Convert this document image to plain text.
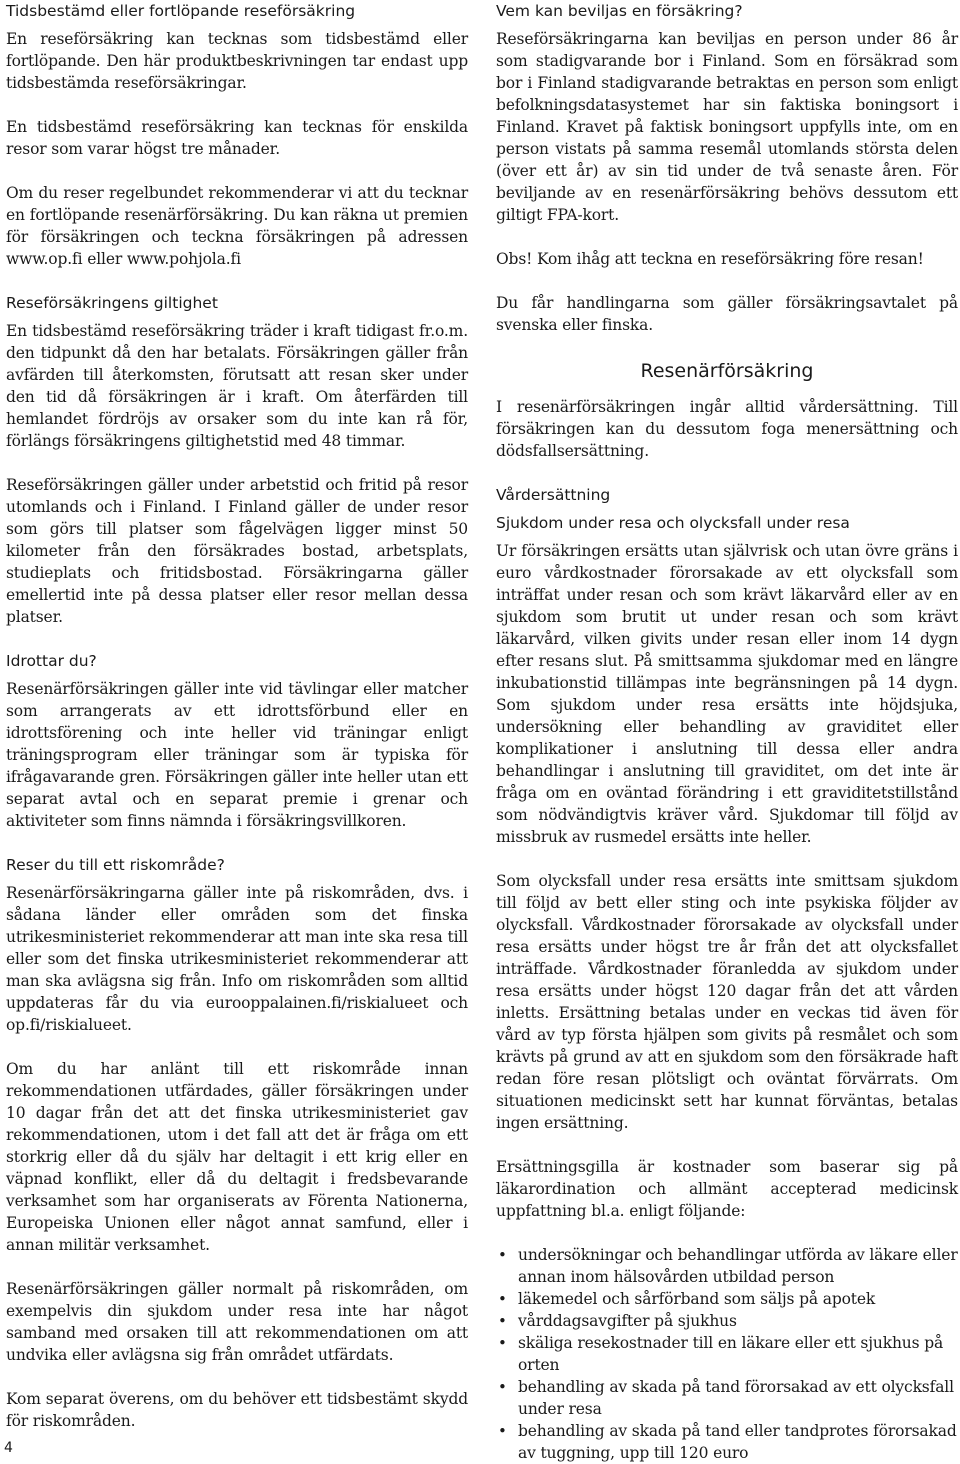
Tidsbestämd eller fortlöpande reseförsäkring

En reseförsäkring kan tecknas som tidsbestämd eller fortlöpande. Den här produktbeskrivningen tar endast upp tidsbestämda reseförsäkringar.

En tidsbestämd reseförsäkring kan tecknas för enskilda resor som varar högst tre månader.

Om du reser regelbundet rekommenderar vi att du tecknar en fortlöpande resenärförsäkring. Du kan räkna ut premien för försäkringen och teckna försäkringen på adressen www.op.fi eller www.pohjola.fi

Reseförsäkringens giltighet

En tidsbestämd reseförsäkring träder i kraft tidigast fr.o.m. den tidpunkt då den har betalats. Försäkringen gäller från avfärden till återkomsten, förutsatt att resan sker under den tid då försäkringen är i kraft. Om återfärden till hemlandet fördröjs av orsaker som du inte kan rå för, förlängs försäkringens giltighetstid med 48 timmar.

Reseförsäkringen gäller under arbetstid och fritid på resor utomlands och i Finland. I Finland gäller de under resor som görs till platser som fågelvägen ligger minst 50 kilometer från den försäkrades bostad, arbetsplats, studieplats och fritidsbostad. Försäkringarna gäller emellertid inte på dessa platser eller resor mellan dessa platser.

Idrottar du?

Resenärförsäkringen gäller inte vid tävlingar eller matcher som arrangerats av ett idrottsförbund eller en idrottsförening och inte heller vid träningar enligt träningsprogram eller träningar som är typiska för ifrågavarande gren. Försäkringen gäller inte heller utan ett separat avtal och en separat premie i grenar och aktiviteter som finns nämnda i försäkringsvillkoren.

Reser du till ett riskområde?

Resenärförsäkringarna gäller inte på riskområden, dvs. i sådana länder eller områden som det finska utrikesministeriet rekommenderar att man inte ska resa till eller som det finska utrikesministeriet rekommenderar att man ska avlägsna sig från. Info om riskområden som alltid uppdateras får du via eurooppalainen.fi/riskialueet och op.fi/riskialueet.

Om du har anlänt till ett riskområde innan rekommendationen utfärdades, gäller försäkringen under 10 dagar från det att det finska utrikesministeriet gav rekommendationen, utom i det fall att det är fråga om ett storkrig eller då du själv har deltagit i ett krig eller en väpnad konflikt, eller då du deltagit i fredsbevarande verksamhet som har organiserats av Förenta Nationerna, Europeiska Unionen eller något annat samfund, eller i annan militär verksamhet.

Resenärförsäkringen gäller normalt på riskområden, om exempelvis din sjukdom under resa inte har något samband med orsaken till att rekommendationen om att undvika eller avlägsna sig från området utfärdats.

Kom separat överens, om du behöver ett tidsbestämt skydd för riskområden.

Vem kan beviljas en försäkring?

Reseförsäkringarna kan beviljas en person under 86 år som stadigvarande bor i Finland. Som en försäkrad som bor i Finland stadigvarande betraktas en person som enligt befolkningsdatasystemet har sin faktiska boningsort i Finland. Kravet på faktisk boningsort uppfylls inte, om en person vistats på samma resemål utomlands största delen (över ett år) av sin tid under de två senaste åren. För beviljande av en resenärförsäkring behövs dessutom ett giltigt FPA-kort.

Obs! Kom ihåg att teckna en reseförsäkring före resan!

Du får handlingarna som gäller försäkringsavtalet på svenska eller finska.

Resenärförsäkring

I resenärförsäkringen ingår alltid vårdersättning. Till försäkringen kan du dessutom foga menersättning och dödsfallsersättning.

Vårdersättning
Sjukdom under resa och olycksfall under resa

Ur försäkringen ersätts utan självrisk och utan övre gräns i euro vårdkostnader förorsakade av ett olycksfall som inträffat under resan och som krävt läkarvård eller av en sjukdom som brutit ut under resan och som krävt läkarvård, vilken givits under resan eller inom 14 dygn efter resans slut. På smittsamma sjukdomar med en längre inkubationstid tillämpas inte begränsningen på 14 dygn. Som sjukdom under resa ersätts inte höjdsjuka, undersökning eller behandling av graviditet eller komplikationer i anslutning till dessa eller andra behandlingar i anslutning till graviditet, om det inte är fråga om en oväntad förändring i ett graviditetstillstånd som nödvändigtvis kräver vård. Sjukdomar till följd av missbruk av rusmedel ersätts inte heller.

Som olycksfall under resa ersätts inte smittsam sjukdom till följd av bett eller sting och inte psykiska följder av olycksfall. Vårdkostnader förorsakade av olycksfall under resa ersätts under högst tre år från det att olycksfallet inträffade. Vårdkostnader föranledda av sjukdom under resa ersätts under högst 120 dagar från det att vården inletts. Ersättning betalas under en veckas tid även för vård av typ första hjälpen som givits på resmålet och som krävts på grund av att en sjukdom som den försäkrade haft redan före resan plötsligt och oväntat förvärrats. Om situationen medicinskt sett har kunnat förväntas, betalas ingen ersättning.

Ersättningsgilla är kostnader som baserar sig på läkarordination och allmänt accepterad medicinsk uppfattning bl.a. enligt följande:

• undersökningar och behandlingar utförda av läkare eller annan inom hälsovården utbildad person
• läkemedel och sårförband som säljs på apotek
• vårddagsavgifter på sjukhus
• skäliga resekostnader till en läkare eller ett sjukhus på orten
• behandling av skada på tand förorsakad av ett olycksfall under resa
• behandling av skada på tand eller tandprotes förorsakad av tuggning, upp till 120 euro
4
